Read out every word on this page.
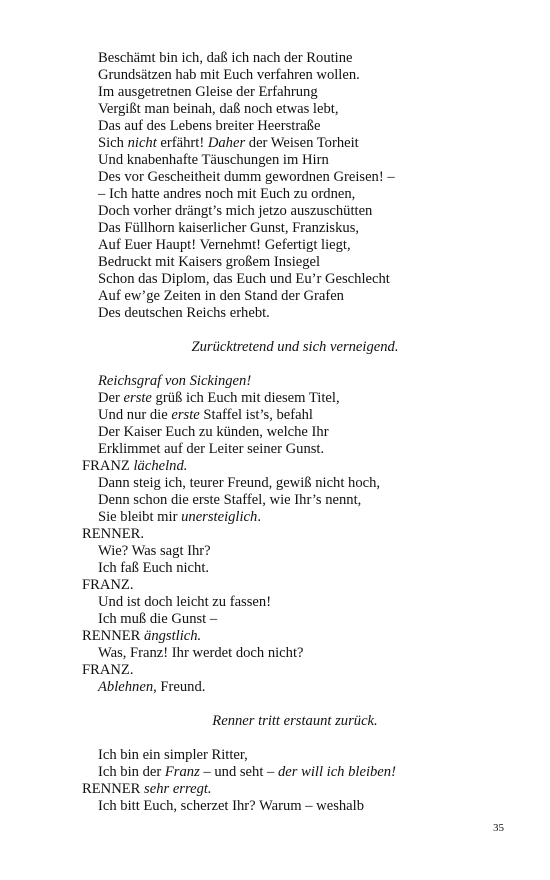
Beschämt bin ich, daß ich nach der Routine
Grundsätzen hab mit Euch verfahren wollen.
Im ausgetretnen Gleise der Erfahrung
Vergißt man beinah, daß noch etwas lebt,
Das auf des Lebens breiter Heerstraße
Sich nicht erfährt! Daher der Weisen Torheit
Und knabenhafte Täuschungen im Hirn
Des vor Gescheitheit dumm gewordnen Greisen! –
– Ich hatte andres noch mit Euch zu ordnen,
Doch vorher drängt’s mich jetzo auszuschütten
Das Füllhorn kaiserlicher Gunst, Franziskus,
Auf Euer Haupt! Vernehmt! Gefertigt liegt,
Bedruckt mit Kaisers großem Insiegel
Schon das Diplom, das Euch und Eu’r Geschlecht
Auf ew’ge Zeiten in den Stand der Grafen
Des deutschen Reichs erhebt.
Zurücktretend und sich verneigend.
Reichsgraf von Sickingen!
Der erste grüß ich Euch mit diesem Titel,
Und nur die erste Staffel ist’s, befahl
Der Kaiser Euch zu künden, welche Ihr
Erklimmet auf der Leiter seiner Gunst.
FRANZ lächelnd.
Dann steig ich, teurer Freund, gewiß nicht hoch,
Denn schon die erste Staffel, wie Ihr’s nennt,
Sie bleibt mir unersteiglich.
RENNER.
Wie? Was sagt Ihr?
Ich faß Euch nicht.
FRANZ.
Und ist doch leicht zu fassen!
Ich muß die Gunst –
RENNER ängstlich.
Was, Franz! Ihr werdet doch nicht?
FRANZ.
Ablehnen, Freund.
Renner tritt erstaunt zurück.
Ich bin ein simpler Ritter,
Ich bin der Franz – und seht – der will ich bleiben!
RENNER sehr erregt.
Ich bitt Euch, scherzet Ihr? Warum – weshalb
35
